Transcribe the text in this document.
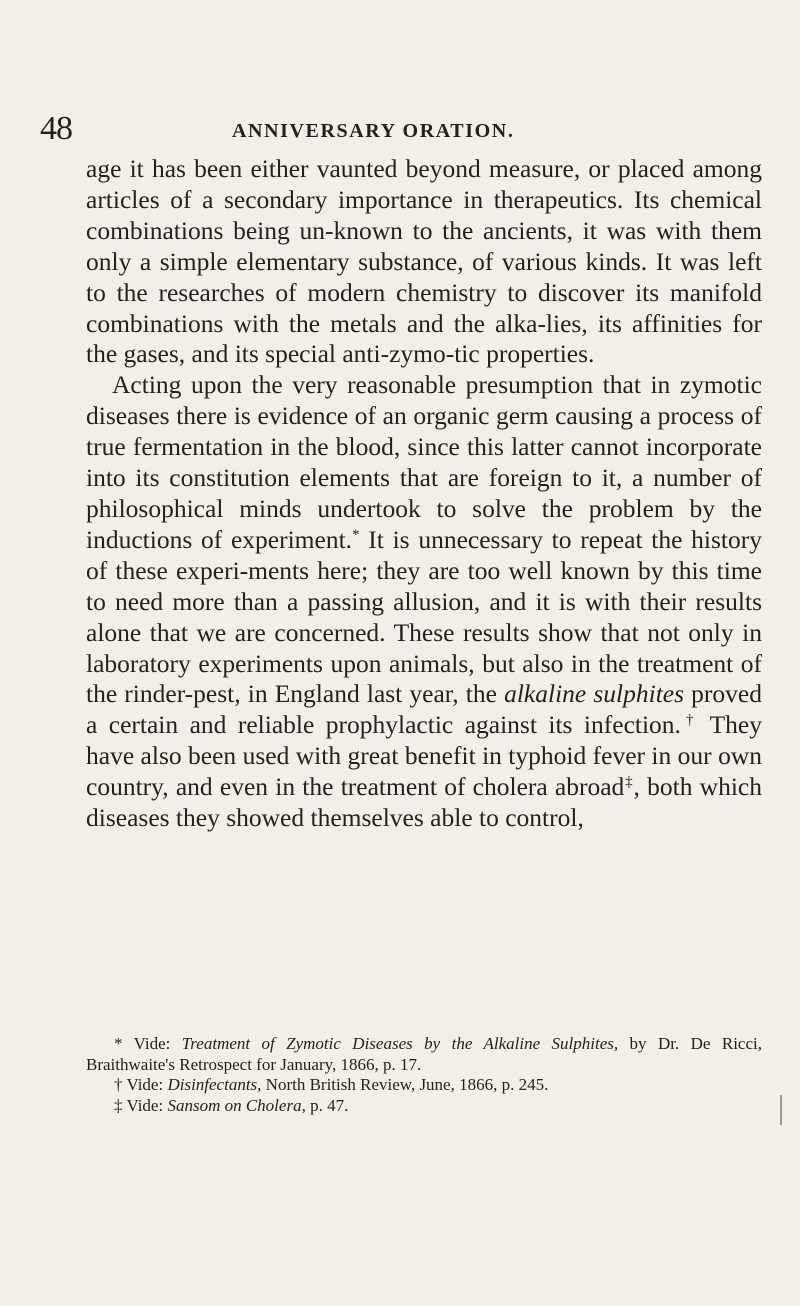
48	ANNIVERSARY ORATION.

age it has been either vaunted beyond measure, or placed among articles of a secondary importance in therapeutics. Its chemical combinations being un-known to the ancients, it was with them only a simple elementary substance, of various kinds. It was left to the researches of modern chemistry to discover its manifold combinations with the metals and the alka-lies, its affinities for the gases, and its special anti-zymo-tic properties.

Acting upon the very reasonable presumption that in zymotic diseases there is evidence of an organic germ causing a process of true fermentation in the blood, since this latter cannot incorporate into its constitution elements that are foreign to it, a number of philosophical minds undertook to solve the problem by the inductions of experiment.* It is unnecessary to repeat the history of these experi-ments here; they are too well known by this time to need more than a passing allusion, and it is with their results alone that we are concerned. These results show that not only in laboratory experiments upon animals, but also in the treatment of the rinder-pest, in England last year, the alkaline sulphites proved a certain and reliable prophylactic against its infection.† They have also been used with great benefit in typhoid fever in our own country, and even in the treatment of cholera abroad‡, both which diseases they showed themselves able to control,

* Vide: Treatment of Zymotic Diseases by the Alkaline Sulphites, by Dr. De Ricci, Braithwaite's Retrospect for January, 1866, p. 17.

† Vide: Disinfectants, North British Review, June, 1866, p. 245.

‡ Vide: Sansom on Cholera, p. 47.
